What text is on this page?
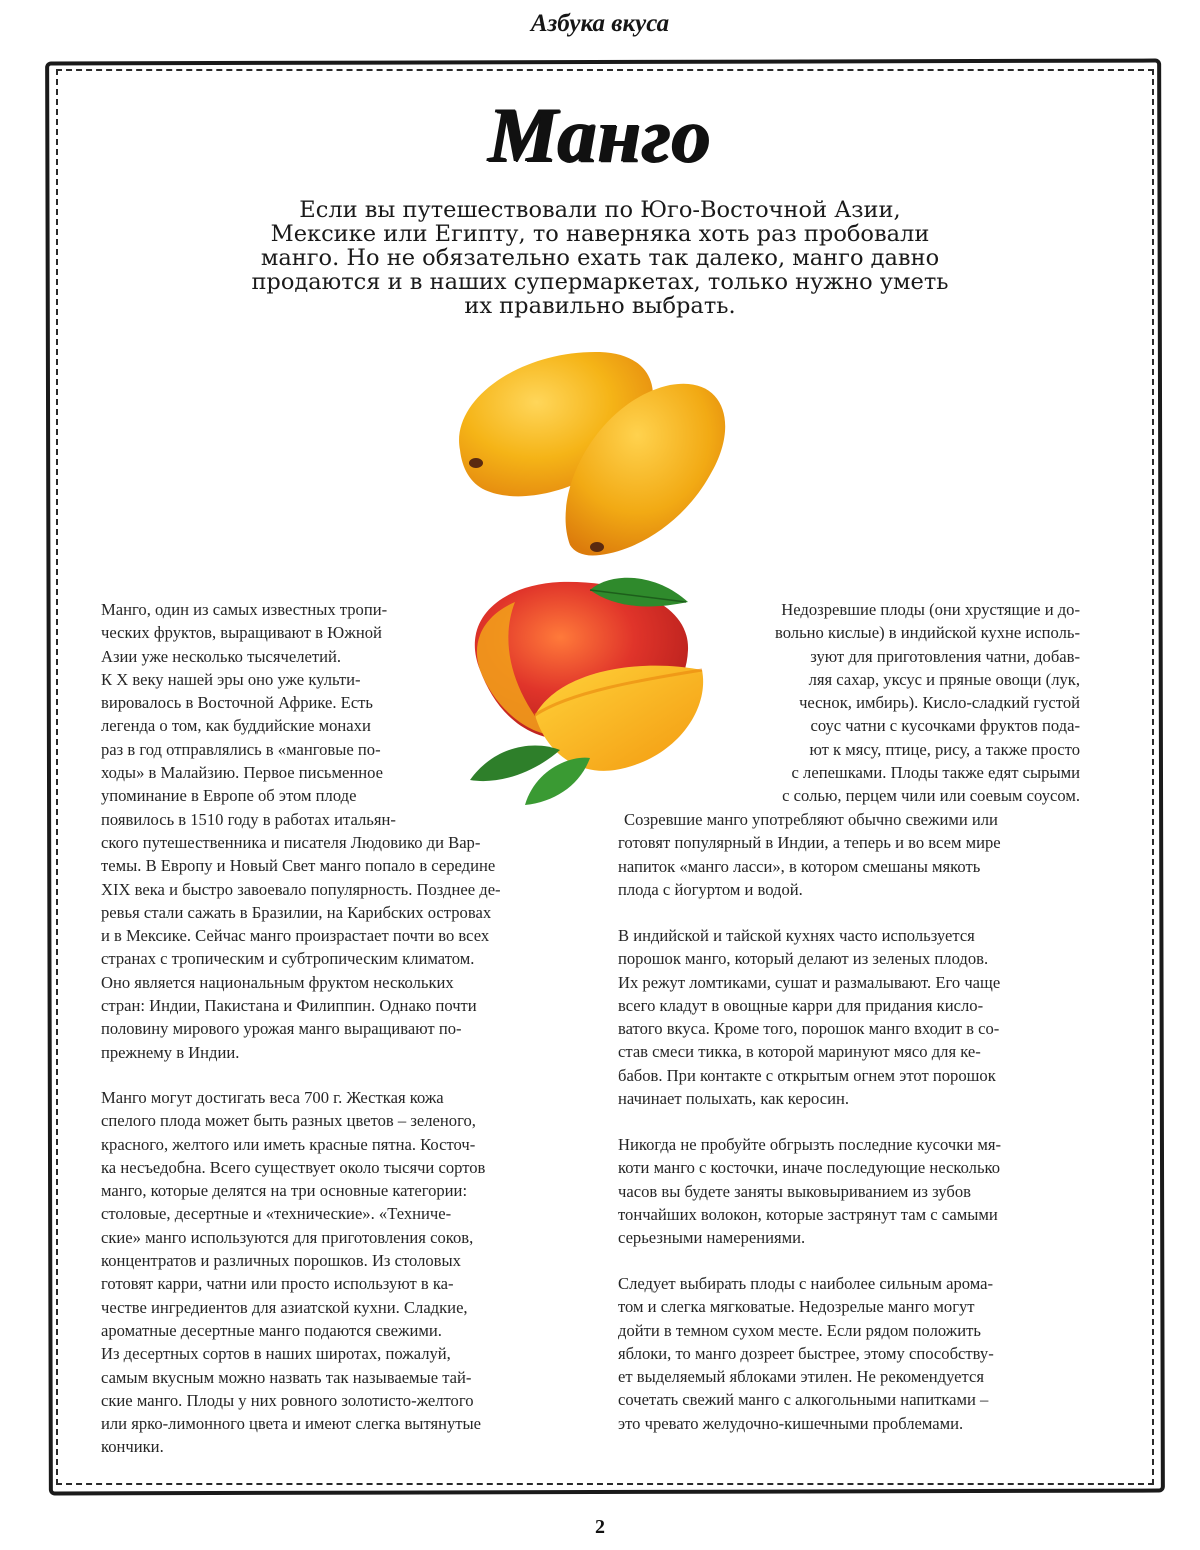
Азбука вкуса
Манго
Если вы путешествовали по Юго-Восточной Азии,
Мексике или Египту, то наверняка хоть раз пробовали
манго. Но не обязательно ехать так далеко, манго давно
продаются и в наших супермаркетах, только нужно уметь
их правильно выбрать.
Манго, один из самых известных тропи-
ческих фруктов, выращивают в Южной
Азии уже несколько тысячелетий.
К X веку нашей эры оно уже культи-
вировалось в Восточной Африке. Есть
легенда о том, как буддийские монахи
раз в год отправлялись в «манговые по-
ходы» в Малайзию. Первое письменное
упоминание в Европе об этом плоде
появилось в 1510 году в работах итальян-
ского путешественника и писателя Людовико ди Вар-
темы. В Европу и Новый Свет манго попало в середине
XIX века и быстро завоевало популярность. Позднее де-
ревья стали сажать в Бразилии, на Карибских островах
и в Мексике. Сейчас манго произрастает почти во всех
странах с тропическим и субтропическим климатом.
Оно является национальным фруктом нескольких
стран: Индии, Пакистана и Филиппин. Однако почти
половину мирового урожая манго выращивают по-
прежнему в Индии.
Манго могут достигать веса 700 г. Жесткая кожа
спелого плода может быть разных цветов – зеленого,
красного, желтого или иметь красные пятна. Косточ-
ка несъедобна. Всего существует около тысячи сортов
манго, которые делятся на три основные категории:
столовые, десертные и «технические». «Техниче-
ские» манго используются для приготовления соков,
концентратов и различных порошков. Из столовых
готовят карри, чатни или просто используют в ка-
честве ингредиентов для азиатской кухни. Сладкие,
ароматные десертные манго подаются свежими.
Из десертных сортов в наших широтах, пожалуй,
самым вкусным можно назвать так называемые тай-
ские манго. Плоды у них ровного золотисто-желтого
или ярко-лимонного цвета и имеют слегка вытянутые
кончики.
Недозревшие плоды (они хрустящие и до-
вольно кислые) в индийской кухне исполь-
зуют для приготовления чатни, добав-
ляя сахар, уксус и пряные овощи (лук,
чеснок, имбирь). Кисло-сладкий густой
соус чатни с кусочками фруктов пода-
ют к мясу, птице, рису, а также просто
с лепешками. Плоды также едят сырыми
с солью, перцем чили или соевым соусом.
Созревшие манго употребляют обычно свежими или
готовят популярный в Индии, а теперь и во всем мире
напиток «манго ласси», в котором смешаны мякоть
плода с йогуртом и водой.
В индийской и тайской кухнях часто используется
порошок манго, который делают из зеленых плодов.
Их режут ломтиками, сушат и размалывают. Его чаще
всего кладут в овощные карри для придания кисло-
ватого вкуса. Кроме того, порошок манго входит в со-
став смеси тикка, в которой маринуют мясо для ке-
бабов. При контакте с открытым огнем этот порошок
начинает полыхать, как керосин.
Никогда не пробуйте обгрызть последние кусочки мя-
коти манго с косточки, иначе последующие несколько
часов вы будете заняты выковыриванием из зубов
тончайших волокон, которые застрянут там с самыми
серьезными намерениями.
Следует выбирать плоды с наиболее сильным арома-
том и слегка мягковатые. Недозрелые манго могут
дойти в темном сухом месте. Если рядом положить
яблоки, то манго дозреет быстрее, этому способству-
ет выделяемый яблоками этилен. Не рекомендуется
сочетать свежий манго с алкогольными напитками –
это чревато желудочно-кишечными проблемами.
2
